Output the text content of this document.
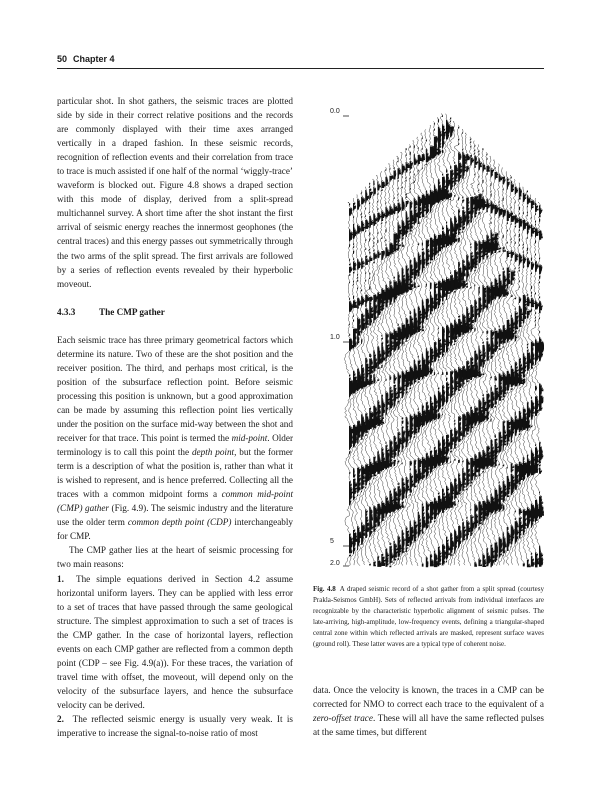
50 Chapter 4

particular shot. In shot gathers, the seismic traces are plotted side by side in their correct relative positions and the records are commonly displayed with their time axes arranged vertically in a draped fashion. In these seismic records, recognition of reflection events and their correlation from trace to trace is much assisted if one half of the normal ‘wiggly-trace’ waveform is blocked out. Figure 4.8 shows a draped section with this mode of display, derived from a split-spread multichannel survey. A short time after the shot instant the first arrival of seismic energy reaches the innermost geophones (the central traces) and this energy passes out symmetrically through the two arms of the split spread. The first arrivals are followed by a series of reflection events revealed by their hyperbolic moveout.

4.3.3	The CMP gather

Each seismic trace has three primary geometrical factors which determine its nature. Two of these are the shot position and the receiver position. The third, and perhaps most critical, is the position of the subsurface reflection point. Before seismic processing this position is unknown, but a good approximation can be made by assuming this reflection point lies vertically under the position on the surface mid-way between the shot and receiver for that trace. This point is termed the mid-point. Older terminology is to call this point the depth point, but the former term is a description of what the position is, rather than what it is wished to represent, and is hence preferred. Collecting all the traces with a common midpoint forms a common mid-point (CMP) gather (Fig. 4.9). The seismic industry and the literature use the older term common depth point (CDP) interchangeably for CMP.

The CMP gather lies at the heart of seismic processing for two main reasons:

1. The simple equations derived in Section 4.2 assume horizontal uniform layers. They can be applied with less error to a set of traces that have passed through the same geological structure. The simplest approximation to such a set of traces is the CMP gather. In the case of horizontal layers, reflection events on each CMP gather are reflected from a common depth point (CDP – see Fig. 4.9(a)). For these traces, the variation of travel time with offset, the moveout, will depend only on the velocity of the subsurface layers, and hence the subsurface velocity can be derived.

2. The reflected seismic energy is usually very weak. It is imperative to increase the signal-to-noise ratio of most

0.0
1.0
5
2.0
Fig. 4.8 A draped seismic record of a shot gather from a split spread (courtesy Prakla-Seismos GmbH). Sets of reflected arrivals from individual interfaces are recognizable by the characteristic hyperbolic alignment of seismic pulses. The late-arriving, high-amplitude, low-frequency events, defining a triangular-shaped central zone within which reflected arrivals are masked, represent surface waves (ground roll). These latter waves are a typical type of coherent noise.

data. Once the velocity is known, the traces in a CMP can be corrected for NMO to correct each trace to the equivalent of a zero-offset trace. These will all have the same reflected pulses at the same times, but different
